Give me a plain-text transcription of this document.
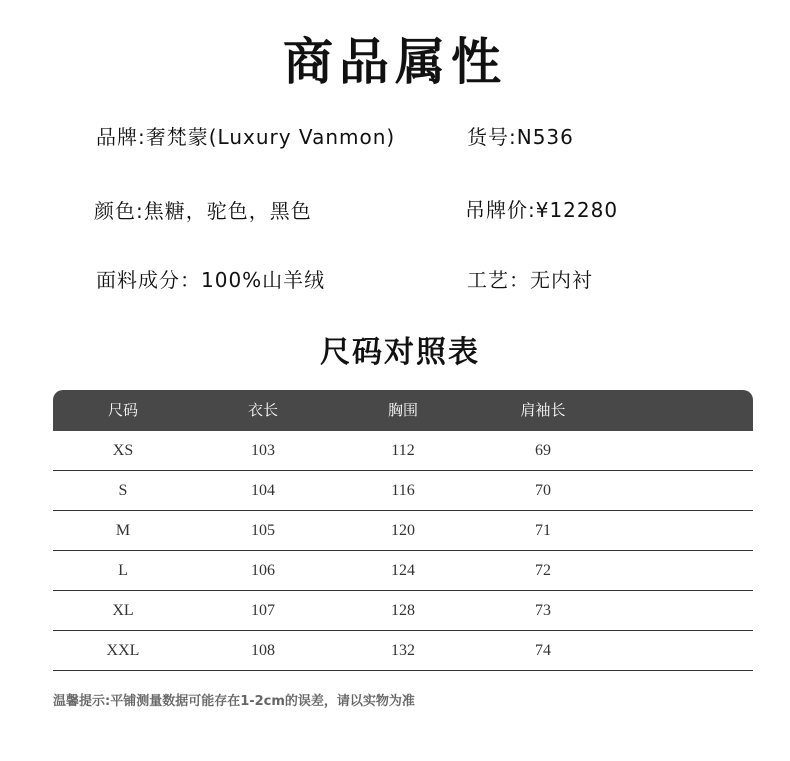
商品属性
品牌:奢梵蒙(Luxury Vanmon)	货号:N536
颜色:焦糖，驼色，黑色	吊牌价:¥12280
面料成分：100%山羊绒	工艺：无内衬
尺码对照表
尺码	衣长	胸围	肩袖长
XS	103	112	69
S	104	116	70
M	105	120	71
L	106	124	72
XL	107	128	73
XXL	108	132	74
温馨提示:平铺测量数据可能存在1-2cm的误差，请以实物为准
